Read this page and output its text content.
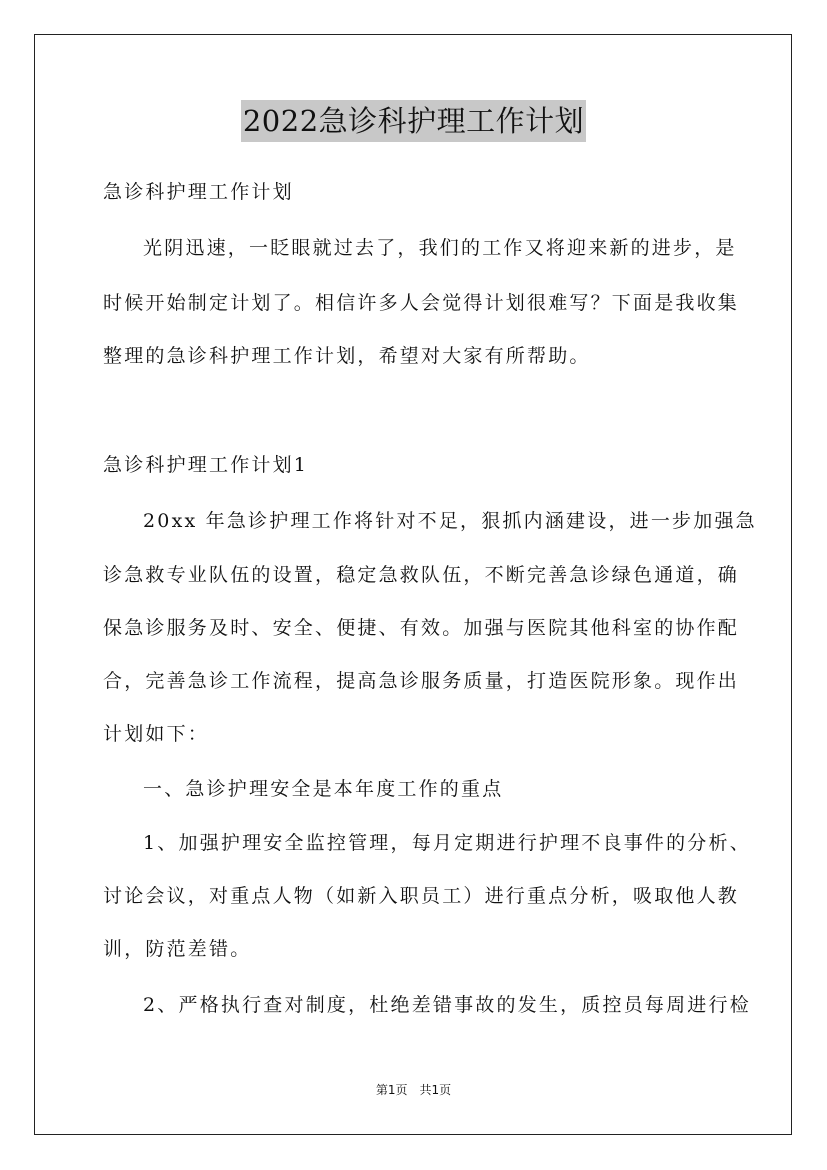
2022急诊科护理工作计划
急诊科护理工作计划
光阴迅速，一眨眼就过去了，我们的工作又将迎来新的进步，是
时候开始制定计划了。相信许多人会觉得计划很难写？下面是我收集
整理的急诊科护理工作计划，希望对大家有所帮助。
急诊科护理工作计划1
20xx 年急诊护理工作将针对不足，狠抓内涵建设，进一步加强急
诊急救专业队伍的设置，稳定急救队伍，不断完善急诊绿色通道，确
保急诊服务及时、安全、便捷、有效。加强与医院其他科室的协作配
合，完善急诊工作流程，提高急诊服务质量，打造医院形象。现作出
计划如下：
一、急诊护理安全是本年度工作的重点
1、加强护理安全监控管理，每月定期进行护理不良事件的分析、
讨论会议，对重点人物（如新入职员工）进行重点分析，吸取他人教
训，防范差错。
2、严格执行查对制度，杜绝差错事故的发生，质控员每周进行检
第1页　共1页
